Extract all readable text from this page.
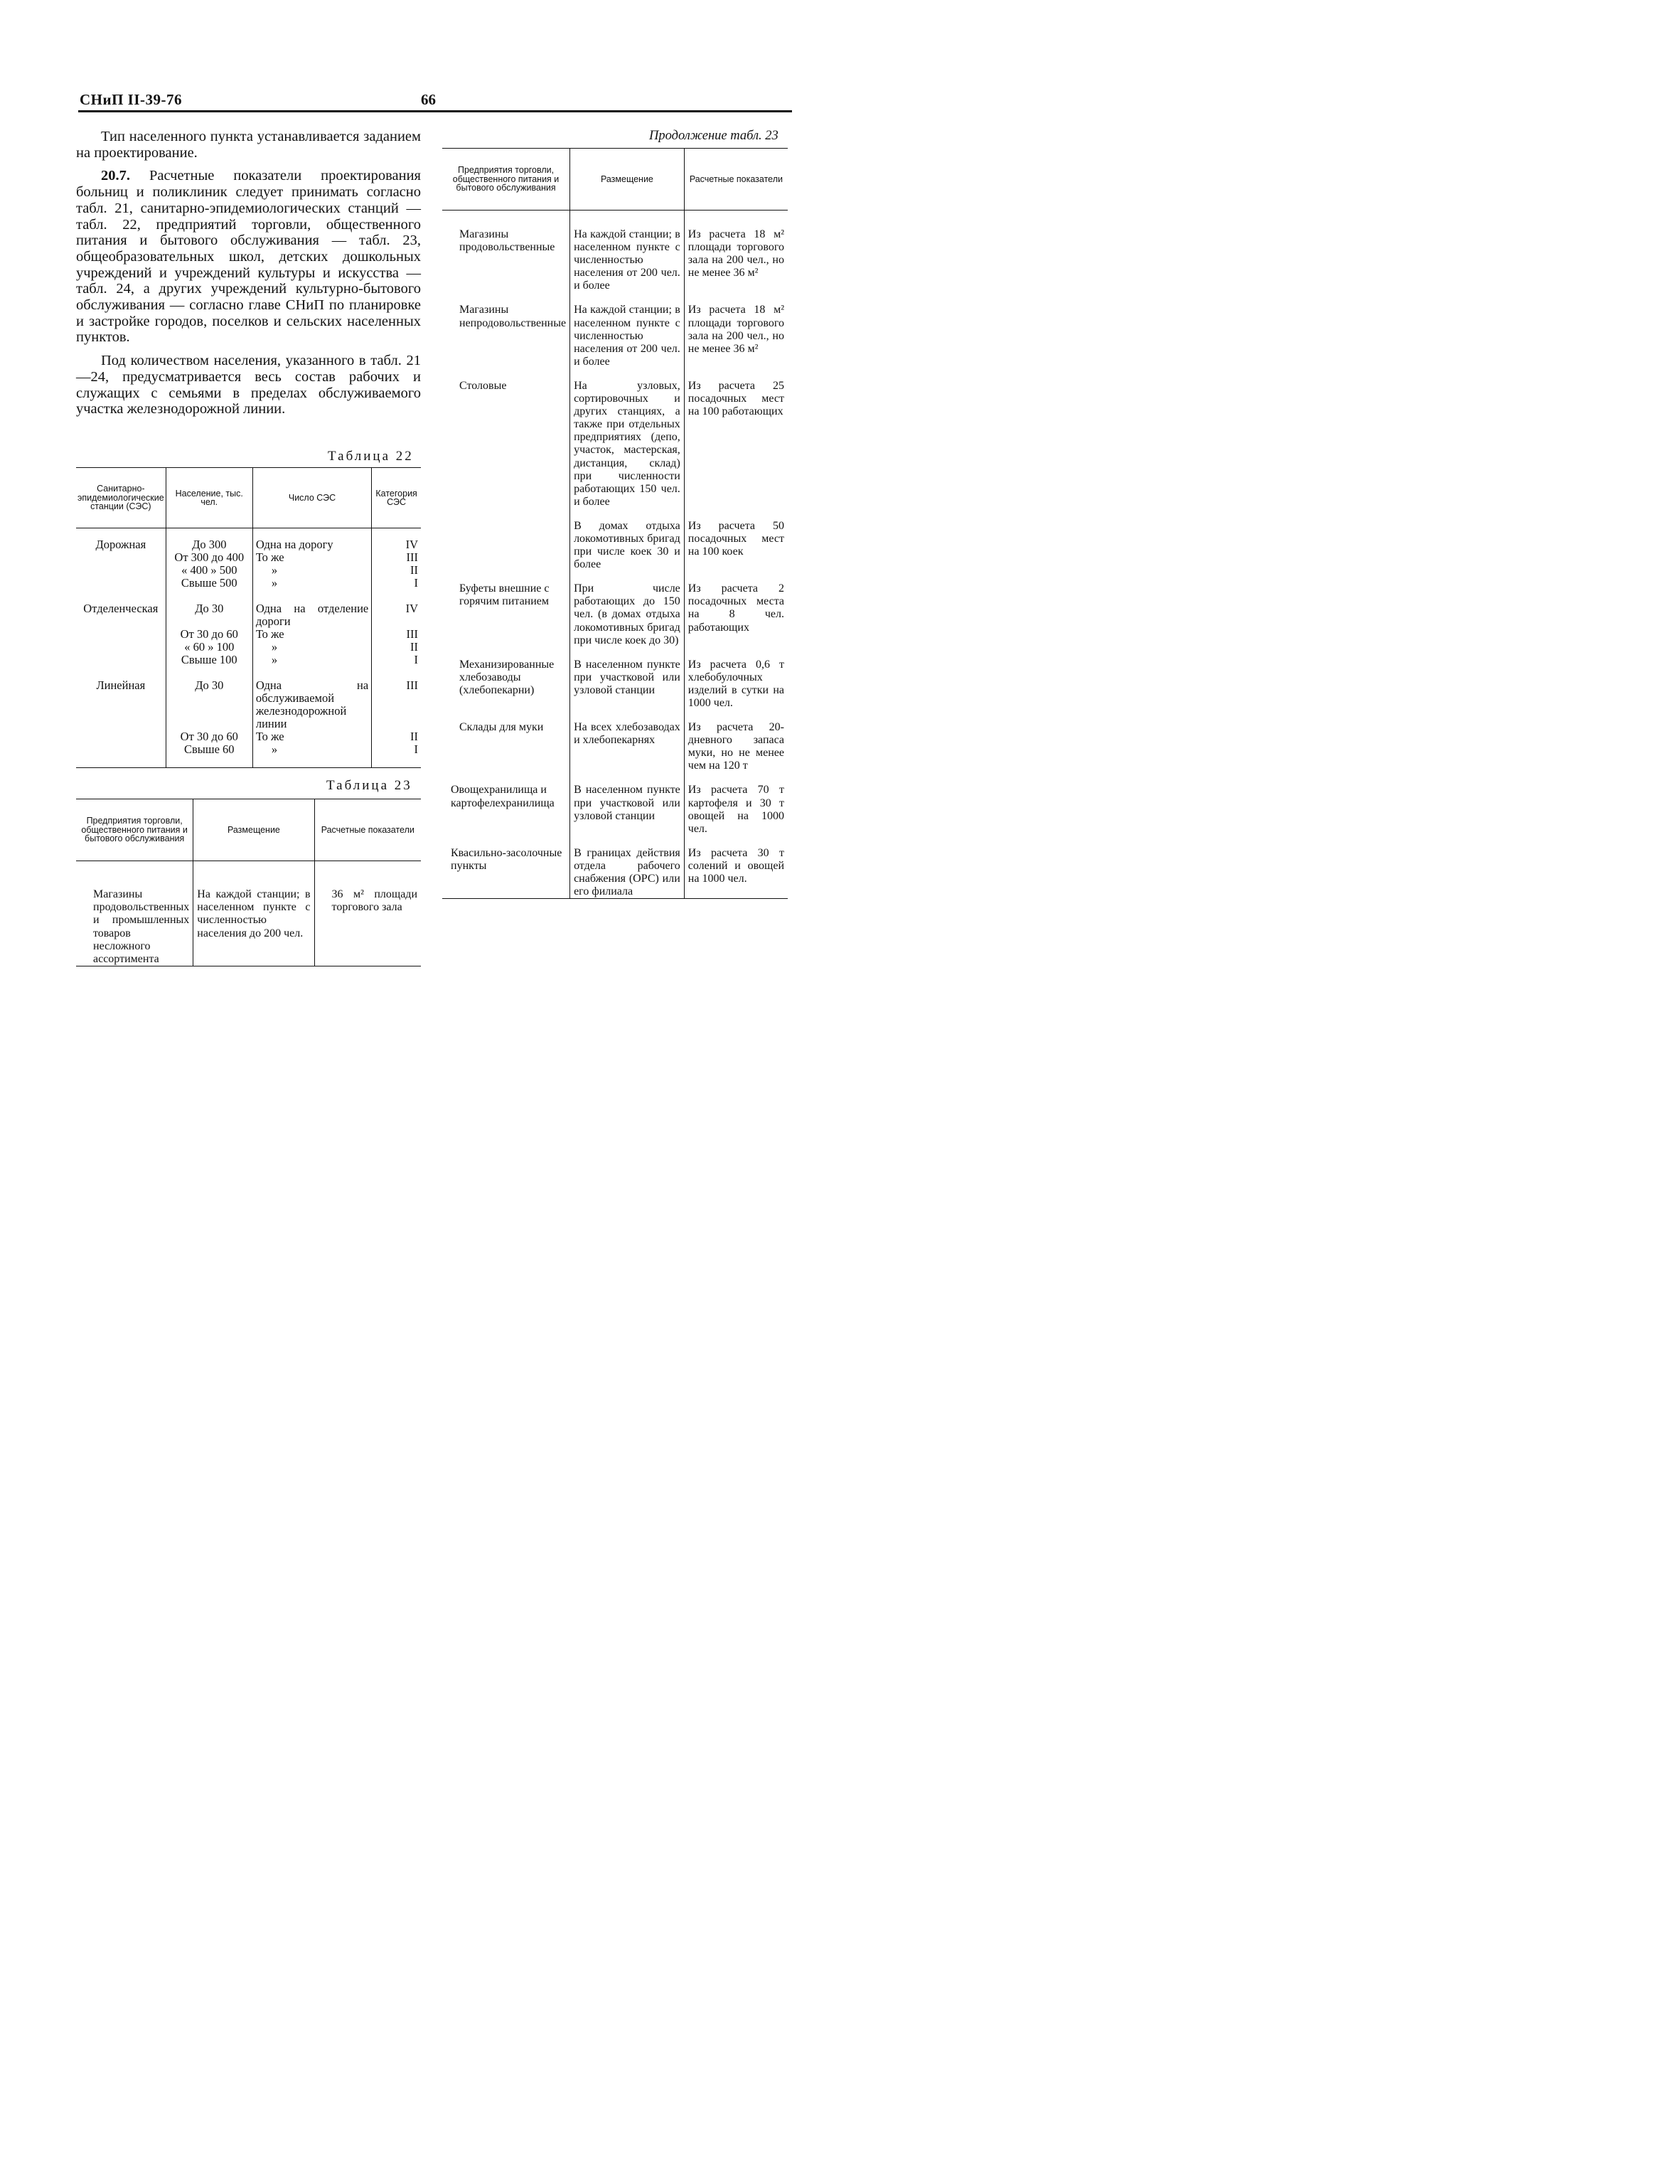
СНиП II-39-76	66

Тип населенного пункта устанавливается заданием на проектирование.

20.7. Расчетные показатели проектирования больниц и поликлиник следует принимать согласно табл. 21, санитарно-эпидемиологических станций — табл. 22, предприятий торговли, общественного питания и бытового обслуживания — табл. 23, общеобразовательных школ, детских дошкольных учреждений и учреждений культуры и искусства — табл. 24, а других учреждений культурно-бытового обслуживания — согласно главе СНиП по планировке и застройке городов, поселков и сельских населенных пунктов.

Под количеством населения, указанного в табл. 21—24, предусматривается весь состав рабочих и служащих с семьями в пределах обслуживаемого участка железнодорожной линии.

Таблица 22
Санитарно-эпидемиологические станции (СЭС)	Население, тыс. чел.	Число СЭС	Категория СЭС

Дорожная	До 300	Одна на дорогу	IV
	От 300 до 400	То же	III
	« 400 » 500	»	II
	Свыше 500	»	I
Отделенческая	До 30	Одна на отделение дороги	IV
	От 30 до 60	То же	III
	« 60 » 100	»	II
	Свыше 100	»	I
Линейная	До 30	Одна на обслуживаемой железнодорожной линии	III
	От 30 до 60	То же	II
	Свыше 60	»	I
Таблица 23
Предприятия торговли, общественного питания и бытового обслуживания	Размещение	Расчетные показатели

Магазины продовольственных и промышленных товаров несложного ассортимента	На каждой станции; в населенном пункте с численностью населения до 200 чел.	36 м² площади торгового зала
Продолжение табл. 23
Предприятия торговли, общественного питания и бытового обслуживания	Размещение	Расчетные показатели

Магазины продовольственные	На каждой станции; в населенном пункте с численностью населения от 200 чел. и более	Из расчета 18 м² площади торгового зала на 200 чел., но не менее 36 м²
Магазины непродовольственные	На каждой станции; в населенном пункте с численностью населения от 200 чел. и более	Из расчета 18 м² площади торгового зала на 200 чел., но не менее 36 м²
Столовые	На узловых, сортировочных и других станциях, а также при отдельных предприятиях (депо, участок, мастерская, дистанция, склад) при численности работающих 150 чел. и более	Из расчета 25 посадочных мест на 100 работающих
	В домах отдыха локомотивных бригад при числе коек 30 и более	Из расчета 50 посадочных мест на 100 коек
Буфеты внешние с горячим питанием	При числе работающих до 150 чел. (в домах отдыха локомотивных бригад при числе коек до 30)	Из расчета 2 посадочных места на 8 чел. работающих
Механизированные хлебозаводы (хлебопекарни)	В населенном пункте при участковой или узловой станции	Из расчета 0,6 т хлебобулочных изделий в сутки на 1000 чел.
Склады для муки	На всех хлебозаводах и хлебопекарнях	Из расчета 20-дневного запаса муки, но не менее чем на 120 т
Овощехранилища и картофелехранилища	В населенном пункте при участковой или узловой станции	Из расчета 70 т картофеля и 30 т овощей на 1000 чел.
Квасильно-засолочные пункты	В границах действия отдела рабочего снабжения (ОРС) или его филиала	Из расчета 30 т солений и овощей на 1000 чел.
